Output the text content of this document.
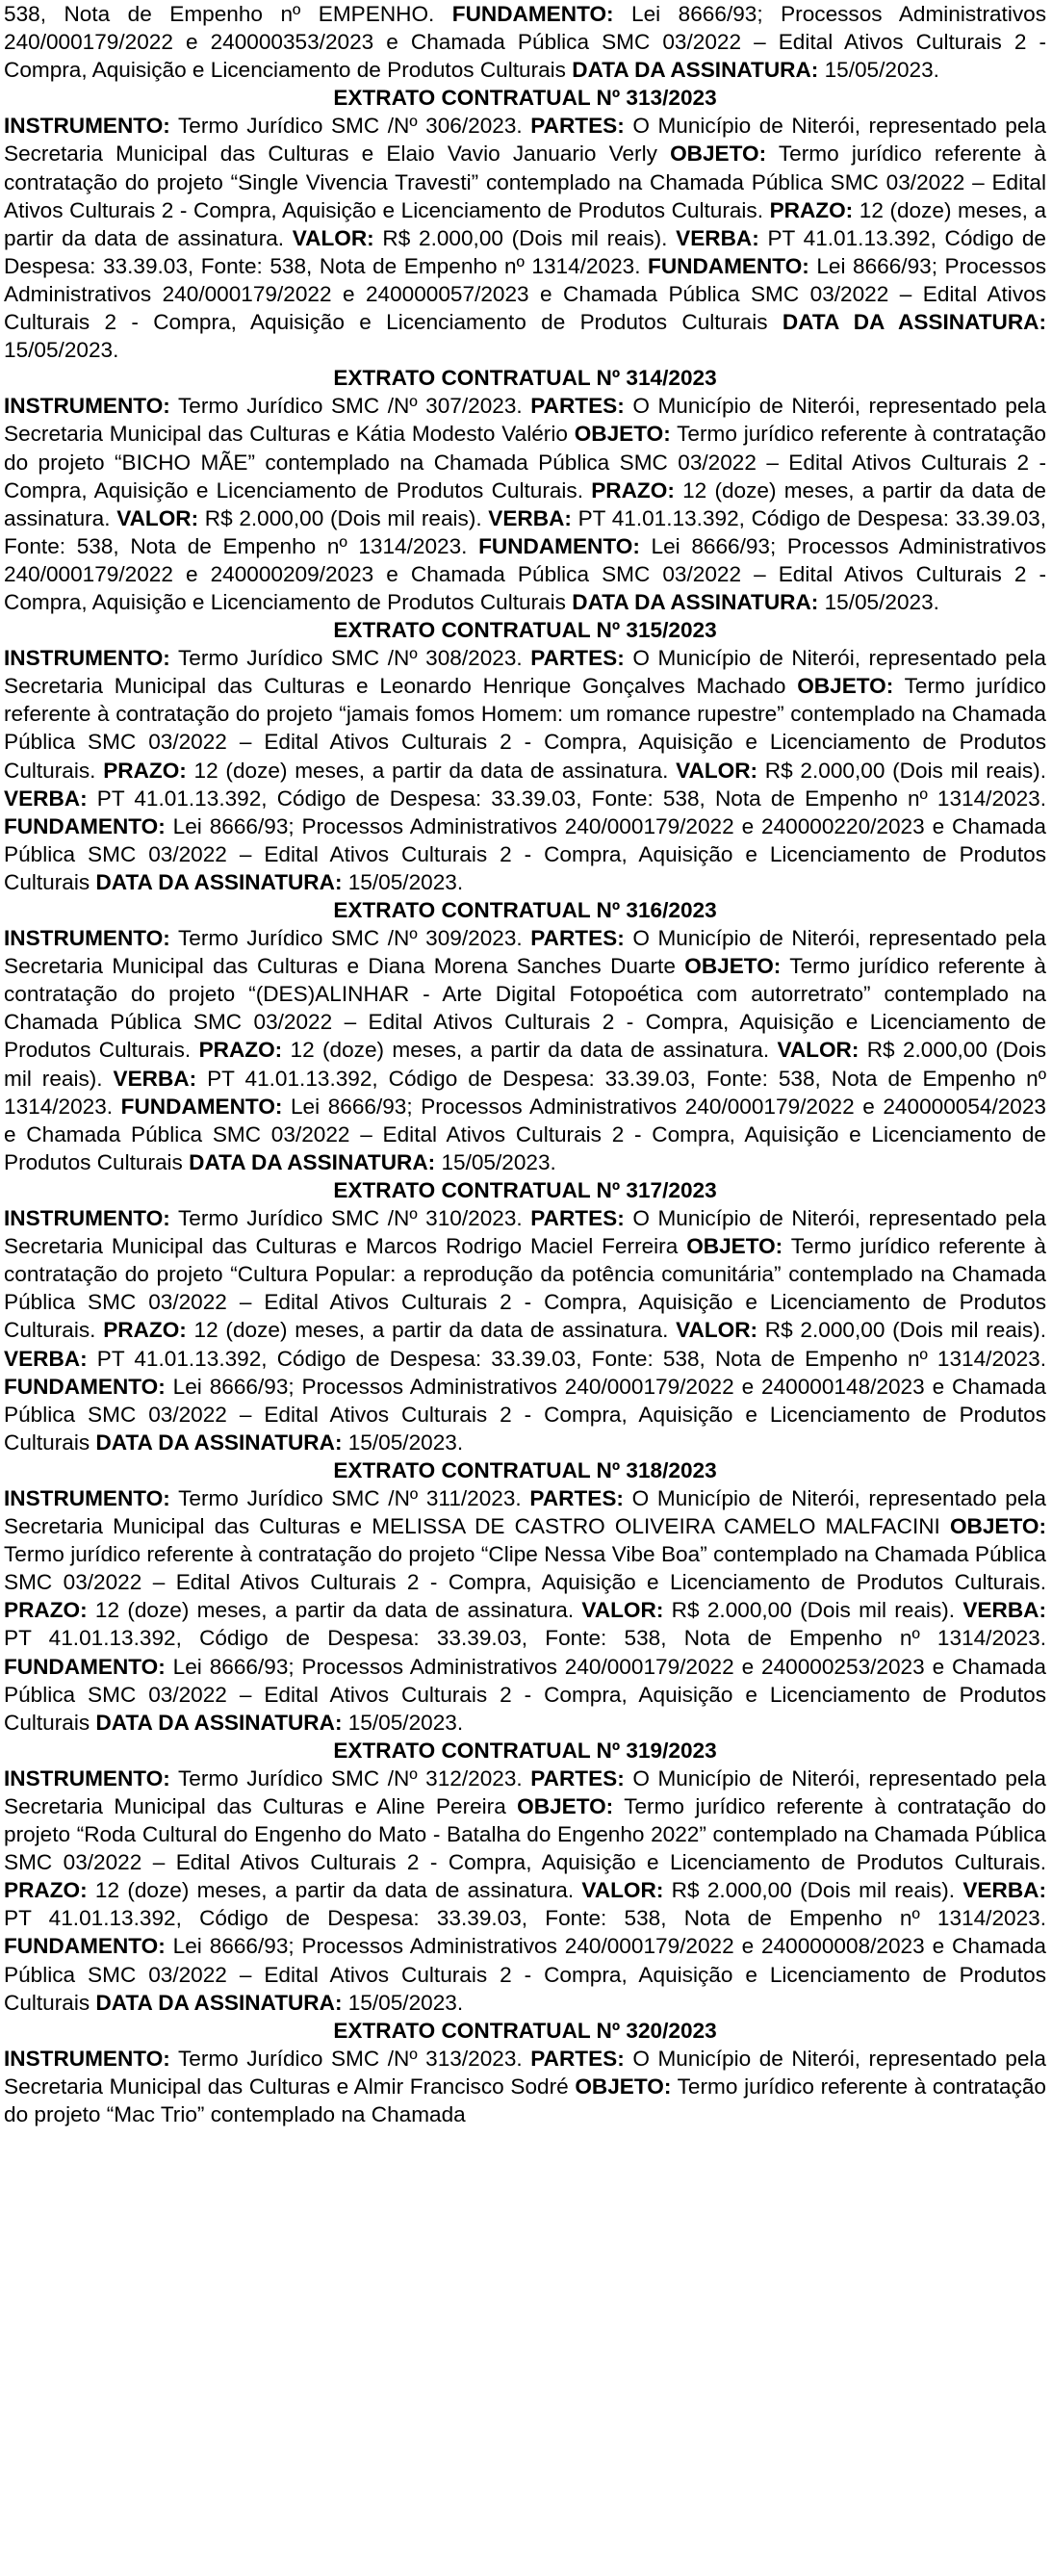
538, Nota de Empenho nº EMPENHO. FUNDAMENTO: Lei 8666/93; Processos Administrativos 240/000179/2022 e 240000353/2023 e Chamada Pública SMC 03/2022 – Edital Ativos Culturais 2 - Compra, Aquisição e Licenciamento de Produtos Culturais DATA DA ASSINATURA: 15/05/2023.

EXTRATO CONTRATUAL Nº 313/2023

INSTRUMENTO: Termo Jurídico SMC /Nº 306/2023. PARTES: O Município de Niterói, representado pela Secretaria Municipal das Culturas e Elaio Vavio Januario Verly OBJETO: Termo jurídico referente à contratação do projeto “Single Vivencia Travesti” contemplado na Chamada Pública SMC 03/2022 – Edital Ativos Culturais 2 - Compra, Aquisição e Licenciamento de Produtos Culturais. PRAZO: 12 (doze) meses, a partir da data de assinatura. VALOR: R$ 2.000,00 (Dois mil reais). VERBA: PT 41.01.13.392, Código de Despesa: 33.39.03, Fonte: 538, Nota de Empenho nº 1314/2023. FUNDAMENTO: Lei 8666/93; Processos Administrativos 240/000179/2022 e 240000057/2023 e Chamada Pública SMC 03/2022 – Edital Ativos Culturais 2 - Compra, Aquisição e Licenciamento de Produtos Culturais DATA DA ASSINATURA: 15/05/2023.

EXTRATO CONTRATUAL Nº 314/2023

INSTRUMENTO: Termo Jurídico SMC /Nº 307/2023. PARTES: O Município de Niterói, representado pela Secretaria Municipal das Culturas e Kátia Modesto Valério OBJETO: Termo jurídico referente à contratação do projeto “BICHO MÃE” contemplado na Chamada Pública SMC 03/2022 – Edital Ativos Culturais 2 - Compra, Aquisição e Licenciamento de Produtos Culturais. PRAZO: 12 (doze) meses, a partir da data de assinatura. VALOR: R$ 2.000,00 (Dois mil reais). VERBA: PT 41.01.13.392, Código de Despesa: 33.39.03, Fonte: 538, Nota de Empenho nº 1314/2023. FUNDAMENTO: Lei 8666/93; Processos Administrativos 240/000179/2022 e 240000209/2023 e Chamada Pública SMC 03/2022 – Edital Ativos Culturais 2 - Compra, Aquisição e Licenciamento de Produtos Culturais DATA DA ASSINATURA: 15/05/2023.

EXTRATO CONTRATUAL Nº 315/2023

INSTRUMENTO: Termo Jurídico SMC /Nº 308/2023. PARTES: O Município de Niterói, representado pela Secretaria Municipal das Culturas e Leonardo Henrique Gonçalves Machado OBJETO: Termo jurídico referente à contratação do projeto “jamais fomos Homem: um romance rupestre” contemplado na Chamada Pública SMC 03/2022 – Edital Ativos Culturais 2 - Compra, Aquisição e Licenciamento de Produtos Culturais. PRAZO: 12 (doze) meses, a partir da data de assinatura. VALOR: R$ 2.000,00 (Dois mil reais). VERBA: PT 41.01.13.392, Código de Despesa: 33.39.03, Fonte: 538, Nota de Empenho nº 1314/2023. FUNDAMENTO: Lei 8666/93; Processos Administrativos 240/000179/2022 e 240000220/2023 e Chamada Pública SMC 03/2022 – Edital Ativos Culturais 2 - Compra, Aquisição e Licenciamento de Produtos Culturais DATA DA ASSINATURA: 15/05/2023.

EXTRATO CONTRATUAL Nº 316/2023

INSTRUMENTO: Termo Jurídico SMC /Nº 309/2023. PARTES: O Município de Niterói, representado pela Secretaria Municipal das Culturas e Diana Morena Sanches Duarte OBJETO: Termo jurídico referente à contratação do projeto “(DES)ALINHAR - Arte Digital Fotopoética com autorretrato” contemplado na Chamada Pública SMC 03/2022 – Edital Ativos Culturais 2 - Compra, Aquisição e Licenciamento de Produtos Culturais. PRAZO: 12 (doze) meses, a partir da data de assinatura. VALOR: R$ 2.000,00 (Dois mil reais). VERBA: PT 41.01.13.392, Código de Despesa: 33.39.03, Fonte: 538, Nota de Empenho nº 1314/2023. FUNDAMENTO: Lei 8666/93; Processos Administrativos 240/000179/2022 e 240000054/2023 e Chamada Pública SMC 03/2022 – Edital Ativos Culturais 2 - Compra, Aquisição e Licenciamento de Produtos Culturais DATA DA ASSINATURA: 15/05/2023.

EXTRATO CONTRATUAL Nº 317/2023

INSTRUMENTO: Termo Jurídico SMC /Nº 310/2023. PARTES: O Município de Niterói, representado pela Secretaria Municipal das Culturas e Marcos Rodrigo Maciel Ferreira OBJETO: Termo jurídico referente à contratação do projeto “Cultura Popular: a reprodução da potência comunitária” contemplado na Chamada Pública SMC 03/2022 – Edital Ativos Culturais 2 - Compra, Aquisição e Licenciamento de Produtos Culturais. PRAZO: 12 (doze) meses, a partir da data de assinatura. VALOR: R$ 2.000,00 (Dois mil reais). VERBA: PT 41.01.13.392, Código de Despesa: 33.39.03, Fonte: 538, Nota de Empenho nº 1314/2023. FUNDAMENTO: Lei 8666/93; Processos Administrativos 240/000179/2022 e 240000148/2023 e Chamada Pública SMC 03/2022 – Edital Ativos Culturais 2 - Compra, Aquisição e Licenciamento de Produtos Culturais DATA DA ASSINATURA: 15/05/2023.

EXTRATO CONTRATUAL Nº 318/2023

INSTRUMENTO: Termo Jurídico SMC /Nº 311/2023. PARTES: O Município de Niterói, representado pela Secretaria Municipal das Culturas e MELISSA DE CASTRO OLIVEIRA CAMELO MALFACINI OBJETO: Termo jurídico referente à contratação do projeto “Clipe Nessa Vibe Boa” contemplado na Chamada Pública SMC 03/2022 – Edital Ativos Culturais 2 - Compra, Aquisição e Licenciamento de Produtos Culturais. PRAZO: 12 (doze) meses, a partir da data de assinatura. VALOR: R$ 2.000,00 (Dois mil reais). VERBA: PT 41.01.13.392, Código de Despesa: 33.39.03, Fonte: 538, Nota de Empenho nº 1314/2023. FUNDAMENTO: Lei 8666/93; Processos Administrativos 240/000179/2022 e 240000253/2023 e Chamada Pública SMC 03/2022 – Edital Ativos Culturais 2 - Compra, Aquisição e Licenciamento de Produtos Culturais DATA DA ASSINATURA: 15/05/2023.

EXTRATO CONTRATUAL Nº 319/2023

INSTRUMENTO: Termo Jurídico SMC /Nº 312/2023. PARTES: O Município de Niterói, representado pela Secretaria Municipal das Culturas e Aline Pereira OBJETO: Termo jurídico referente à contratação do projeto “Roda Cultural do Engenho do Mato - Batalha do Engenho 2022” contemplado na Chamada Pública SMC 03/2022 – Edital Ativos Culturais 2 - Compra, Aquisição e Licenciamento de Produtos Culturais. PRAZO: 12 (doze) meses, a partir da data de assinatura. VALOR: R$ 2.000,00 (Dois mil reais). VERBA: PT 41.01.13.392, Código de Despesa: 33.39.03, Fonte: 538, Nota de Empenho nº 1314/2023. FUNDAMENTO: Lei 8666/93; Processos Administrativos 240/000179/2022 e 240000008/2023 e Chamada Pública SMC 03/2022 – Edital Ativos Culturais 2 - Compra, Aquisição e Licenciamento de Produtos Culturais DATA DA ASSINATURA: 15/05/2023.

EXTRATO CONTRATUAL Nº 320/2023

INSTRUMENTO: Termo Jurídico SMC /Nº 313/2023. PARTES: O Município de Niterói, representado pela Secretaria Municipal das Culturas e Almir Francisco Sodré OBJETO: Termo jurídico referente à contratação do projeto “Mac Trio” contemplado na Chamada
